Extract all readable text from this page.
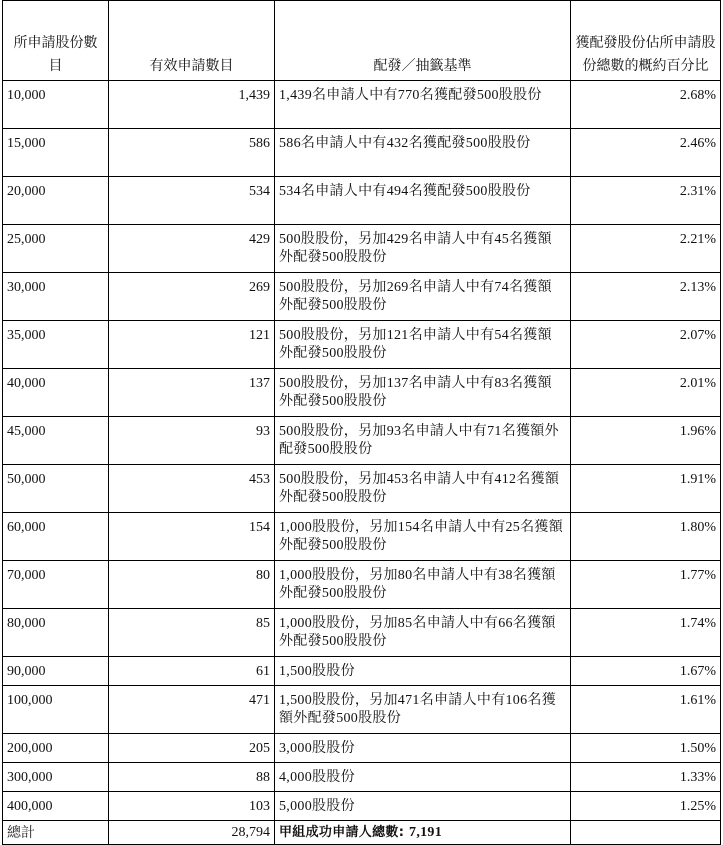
所申請股份數目	有效申請數目	配發／抽籤基準	獲配發股份佔所申請股份總數的概約百分比
10,000	1,439	1,439名申請人中有770名獲配發500股股份	2.68%
15,000	586	586名申請人中有432名獲配發500股股份	2.46%
20,000	534	534名申請人中有494名獲配發500股股份	2.31%
25,000	429	500股股份，另加429名申請人中有45名獲額外配發500股股份	2.21%
30,000	269	500股股份，另加269名申請人中有74名獲額外配發500股股份	2.13%
35,000	121	500股股份，另加121名申請人中有54名獲額外配發500股股份	2.07%
40,000	137	500股股份，另加137名申請人中有83名獲額外配發500股股份	2.01%
45,000	93	500股股份，另加93名申請人中有71名獲額外配發500股股份	1.96%
50,000	453	500股股份，另加453名申請人中有412名獲額外配發500股股份	1.91%
60,000	154	1,000股股份，另加154名申請人中有25名獲額外配發500股股份	1.80%
70,000	80	1,000股股份，另加80名申請人中有38名獲額外配發500股股份	1.77%
80,000	85	1,000股股份，另加85名申請人中有66名獲額外配發500股股份	1.74%
90,000	61	1,500股股份	1.67%
100,000	471	1,500股股份，另加471名申請人中有106名獲額外配發500股股份	1.61%
200,000	205	3,000股股份	1.50%
300,000	88	4,000股股份	1.33%
400,000	103	5,000股股份	1.25%
總計	28,794	甲組成功申請人總數: 7,191	
